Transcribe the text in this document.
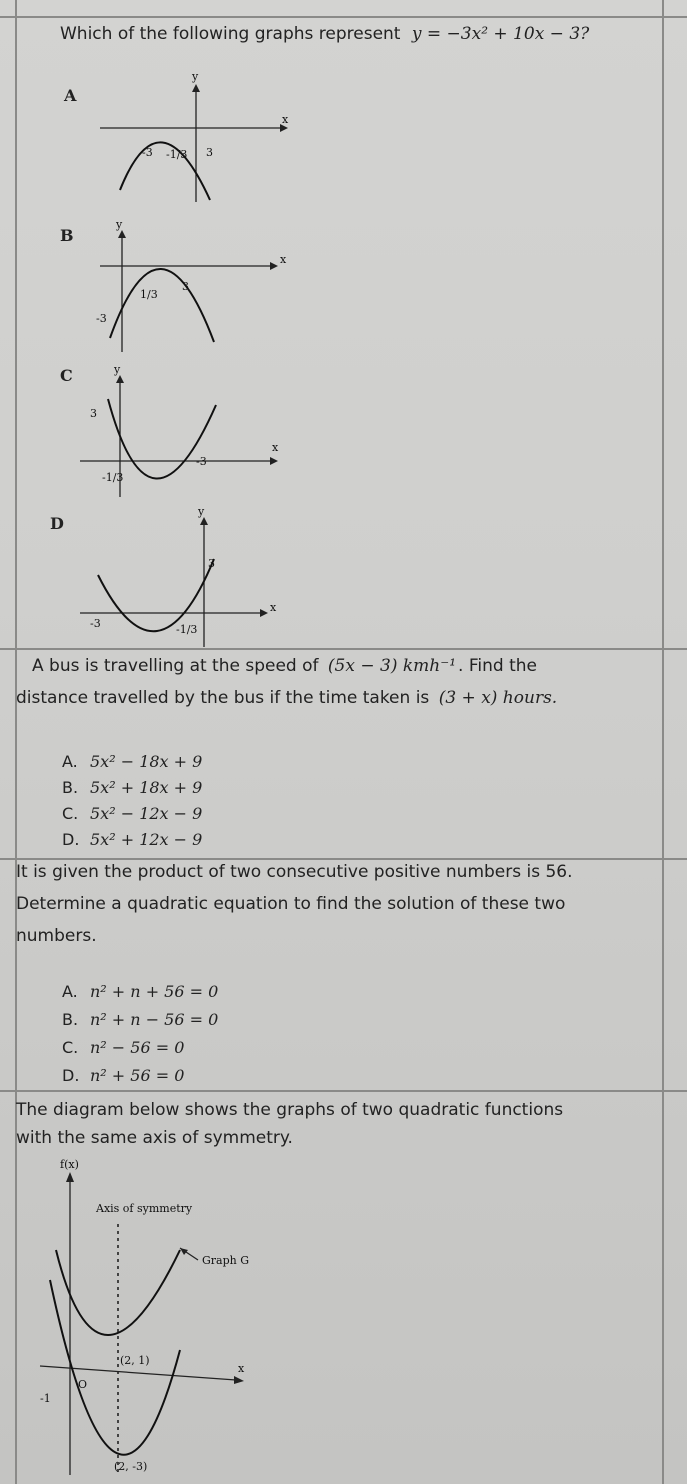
Which of the following graphs represent y = −3x² + 10x − 3?
A
x
y
-3 -1/3 3
B
x
y
1/3
3
-3
C
x
y
3
-3
-1/3
D
x
y
3
-3	-1/3
A bus is travelling at the speed of (5x − 3) kmh⁻¹ . Find the
distance travelled by the bus if the time taken is (3 + x) hours.
A. 5x² − 18x + 9
B. 5x² + 18x + 9
C. 5x² − 12x − 9
D. 5x² + 12x − 9
It is given the product of two consecutive positive numbers is 56.
Determine a quadratic equation to find the solution of these two
numbers.
A. n² + n + 56 = 0
B. n² + n − 56 = 0
C. n² − 56 = 0
D. n² + 56 = 0
The diagram below shows the graphs of two quadratic functions
with the same axis of symmetry.
f(x)
x
Axis of symmetry
Graph G
(2, 1)
O
-1
(2, -3)
